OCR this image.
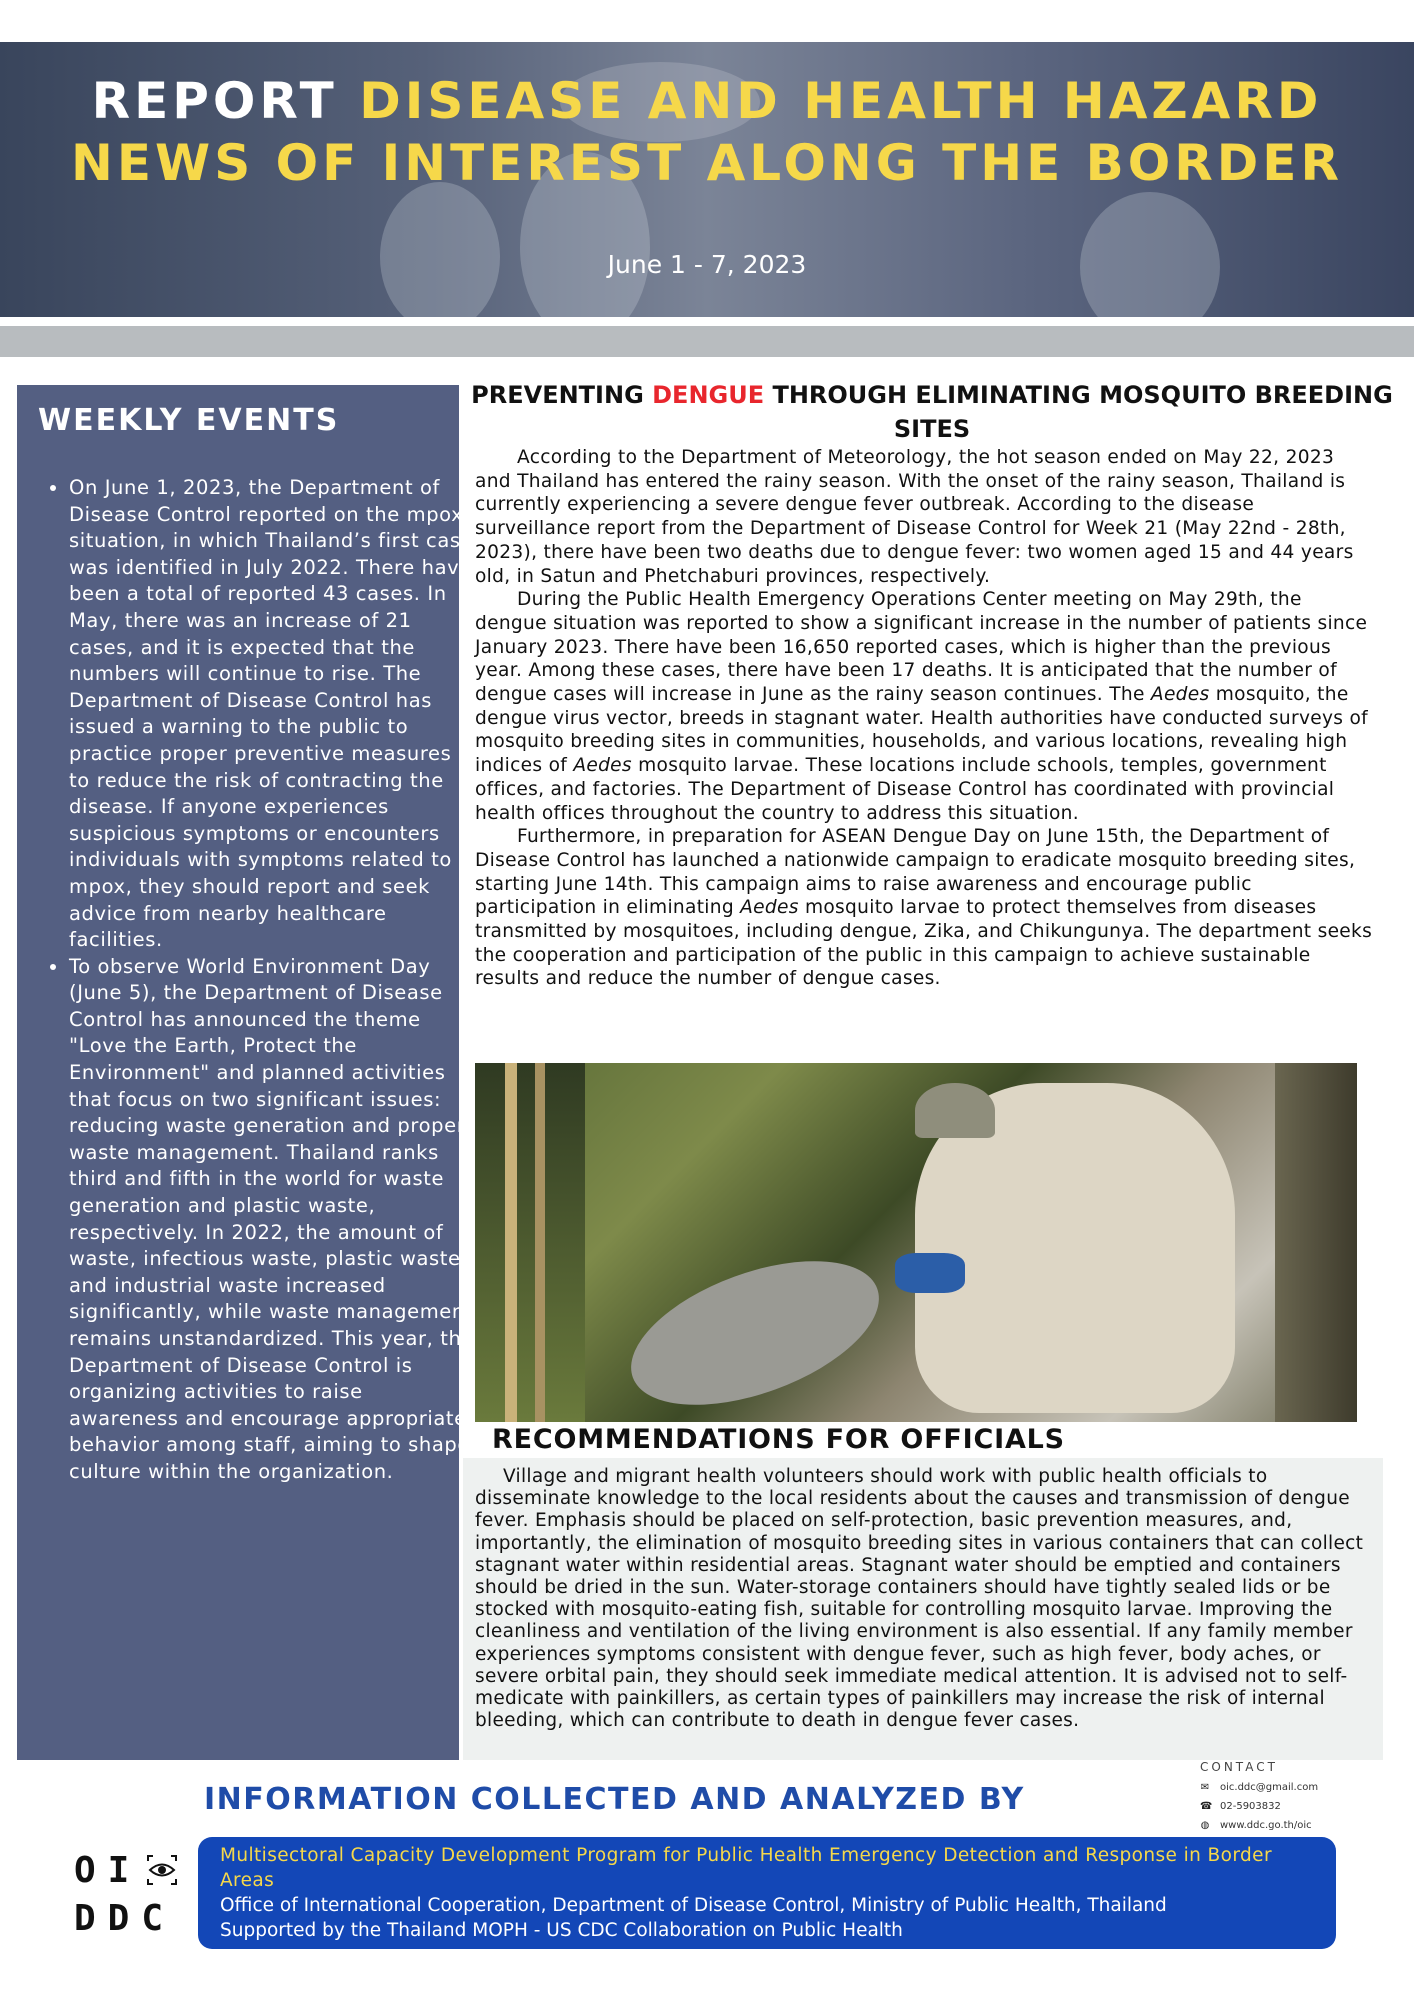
REPORT DISEASE AND HEALTH HAZARD
NEWS OF INTEREST ALONG THE BORDER
June 1 - 7, 2023
WEEKLY EVENTS
• On June 1, 2023, the Department of Disease Control reported on the mpox situation, in which Thailand’s first case was identified in July 2022. There have been a total of reported 43 cases. In May, there was an increase of 21 cases, and it is expected that the numbers will continue to rise. The Department of Disease Control has issued a warning to the public to practice proper preventive measures to reduce the risk of contracting the disease. If anyone experiences suspicious symptoms or encounters individuals with symptoms related to mpox, they should report and seek advice from nearby healthcare facilities.
• To observe World Environment Day (June 5), the Department of Disease Control has announced the theme "Love the Earth, Protect the Environment" and planned activities that focus on two significant issues: reducing waste generation and proper waste management. Thailand ranks third and fifth in the world for waste generation and plastic waste, respectively. In 2022, the amount of waste, infectious waste, plastic waste, and industrial waste increased significantly, while waste management remains unstandardized. This year, the Department of Disease Control is organizing activities to raise awareness and encourage appropriate behavior among staff, aiming to shape culture within the organization.
PREVENTING DENGUE THROUGH ELIMINATING MOSQUITO BREEDING SITES

According to the Department of Meteorology, the hot season ended on May 22, 2023 and Thailand has entered the rainy season. With the onset of the rainy season, Thailand is currently experiencing a severe dengue fever outbreak. According to the disease surveillance report from the Department of Disease Control for Week 21 (May 22nd - 28th, 2023), there have been two deaths due to dengue fever: two women aged 15 and 44 years old, in Satun and Phetchaburi provinces, respectively.

During the Public Health Emergency Operations Center meeting on May 29th, the dengue situation was reported to show a significant increase in the number of patients since January 2023. There have been 16,650 reported cases, which is higher than the previous year. Among these cases, there have been 17 deaths. It is anticipated that the number of dengue cases will increase in June as the rainy season continues. The Aedes mosquito, the dengue virus vector, breeds in stagnant water. Health authorities have conducted surveys of mosquito breeding sites in communities, households, and various locations, revealing high indices of Aedes mosquito larvae. These locations include schools, temples, government offices, and factories. The Department of Disease Control has coordinated with provincial health offices throughout the country to address this situation.

Furthermore, in preparation for ASEAN Dengue Day on June 15th, the Department of Disease Control has launched a nationwide campaign to eradicate mosquito breeding sites, starting June 14th. This campaign aims to raise awareness and encourage public participation in eliminating Aedes mosquito larvae to protect themselves from diseases transmitted by mosquitoes, including dengue, Zika, and Chikungunya. The department seeks the cooperation and participation of the public in this campaign to achieve sustainable results and reduce the number of dengue cases.

RECOMMENDATIONS FOR OFFICIALS

Village and migrant health volunteers should work with public health officials to disseminate knowledge to the local residents about the causes and transmission of dengue fever. Emphasis should be placed on self-protection, basic prevention measures, and, importantly, the elimination of mosquito breeding sites in various containers that can collect stagnant water within residential areas. Stagnant water should be emptied and containers should be dried in the sun. Water-storage containers should have tightly sealed lids or be stocked with mosquito-eating fish, suitable for controlling mosquito larvae. Improving the cleanliness and ventilation of the living environment is also essential. If any family member experiences symptoms consistent with dengue fever, such as high fever, body aches, or severe orbital pain, they should seek immediate medical attention. It is advised not to self-medicate with painkillers, as certain types of painkillers may increase the risk of internal bleeding, which can contribute to death in dengue fever cases.

INFORMATION COLLECTED AND ANALYZED BY
CONTACT
✉ oic.ddc@gmail.com
☎ 02-5903832
◍ www.ddc.go.th/oic
OI
DDC
Multisectoral Capacity Development Program for Public Health Emergency Detection and Response in Border Areas
Office of International Cooperation, Department of Disease Control, Ministry of Public Health, Thailand
Supported by the Thailand MOPH - US CDC Collaboration on Public Health
